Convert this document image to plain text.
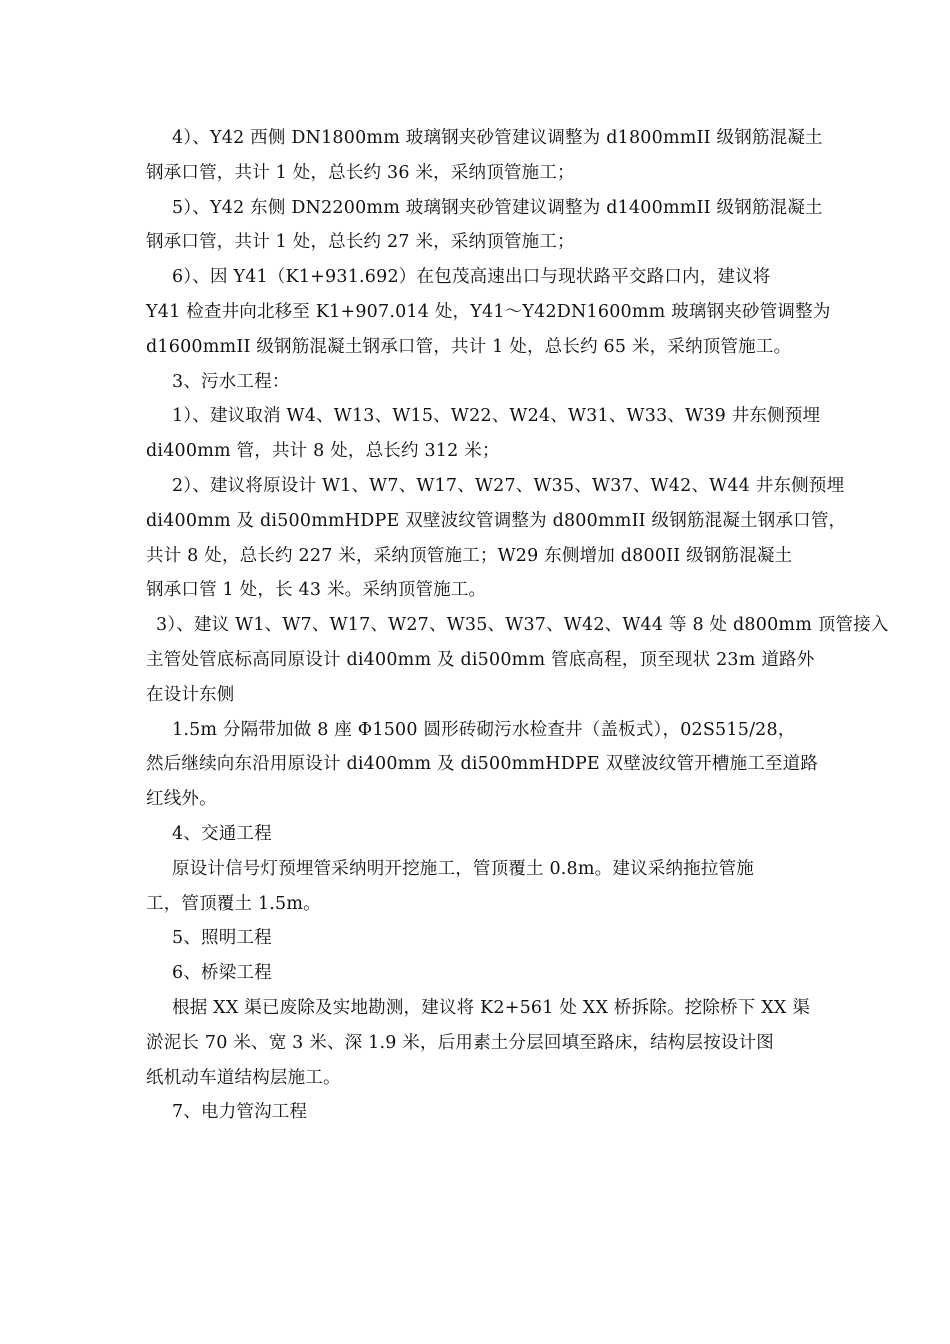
4）、Y42 西侧 DN1800mm 玻璃钢夹砂管建议调整为 d1800mmII 级钢筋混凝土
钢承口管，共计 1 处，总长约 36 米，采纳顶管施工；
5）、Y42 东侧 DN2200mm 玻璃钢夹砂管建议调整为 d1400mmII 级钢筋混凝土
钢承口管，共计 1 处，总长约 27 米，采纳顶管施工；
6）、因 Y41（K1+931.692）在包茂高速出口与现状路平交路口内，建议将
Y41 检查井向北移至 K1+907.014 处，Y41～Y42DN1600mm 玻璃钢夹砂管调整为
d1600mmII 级钢筋混凝土钢承口管，共计 1 处，总长约 65 米，采纳顶管施工。
3、污水工程：
1）、建议取消 W4、W13、W15、W22、W24、W31、W33、W39 井东侧预埋
di400mm 管，共计 8 处，总长约 312 米；
2）、建议将原设计 W1、W7、W17、W27、W35、W37、W42、W44 井东侧预埋
di400mm 及 di500mmHDPE 双壁波纹管调整为 d800mmII 级钢筋混凝土钢承口管，
共计 8 处，总长约 227 米，采纳顶管施工；W29 东侧增加 d800II 级钢筋混凝土
钢承口管 1 处，长 43 米。采纳顶管施工。
3）、建议 W1、W7、W17、W27、W35、W37、W42、W44 等 8 处 d800mm 顶管接入
主管处管底标高同原设计 di400mm 及 di500mm 管底高程，顶至现状 23m 道路外
在设计东侧
1.5m 分隔带加做 8 座 Φ1500 圆形砖砌污水检查井（盖板式），02S515/28，
然后继续向东沿用原设计 di400mm 及 di500mmHDPE 双壁波纹管开槽施工至道路
红线外。
4、交通工程
原设计信号灯预埋管采纳明开挖施工，管顶覆土 0.8m。建议采纳拖拉管施
工，管顶覆土 1.5m。
5、照明工程
6、桥梁工程
根据 XX 渠已废除及实地勘测，建议将 K2+561 处 XX 桥拆除。挖除桥下 XX 渠
淤泥长 70 米、宽 3 米、深 1.9 米，后用素土分层回填至路床，结构层按设计图
纸机动车道结构层施工。
7、电力管沟工程
